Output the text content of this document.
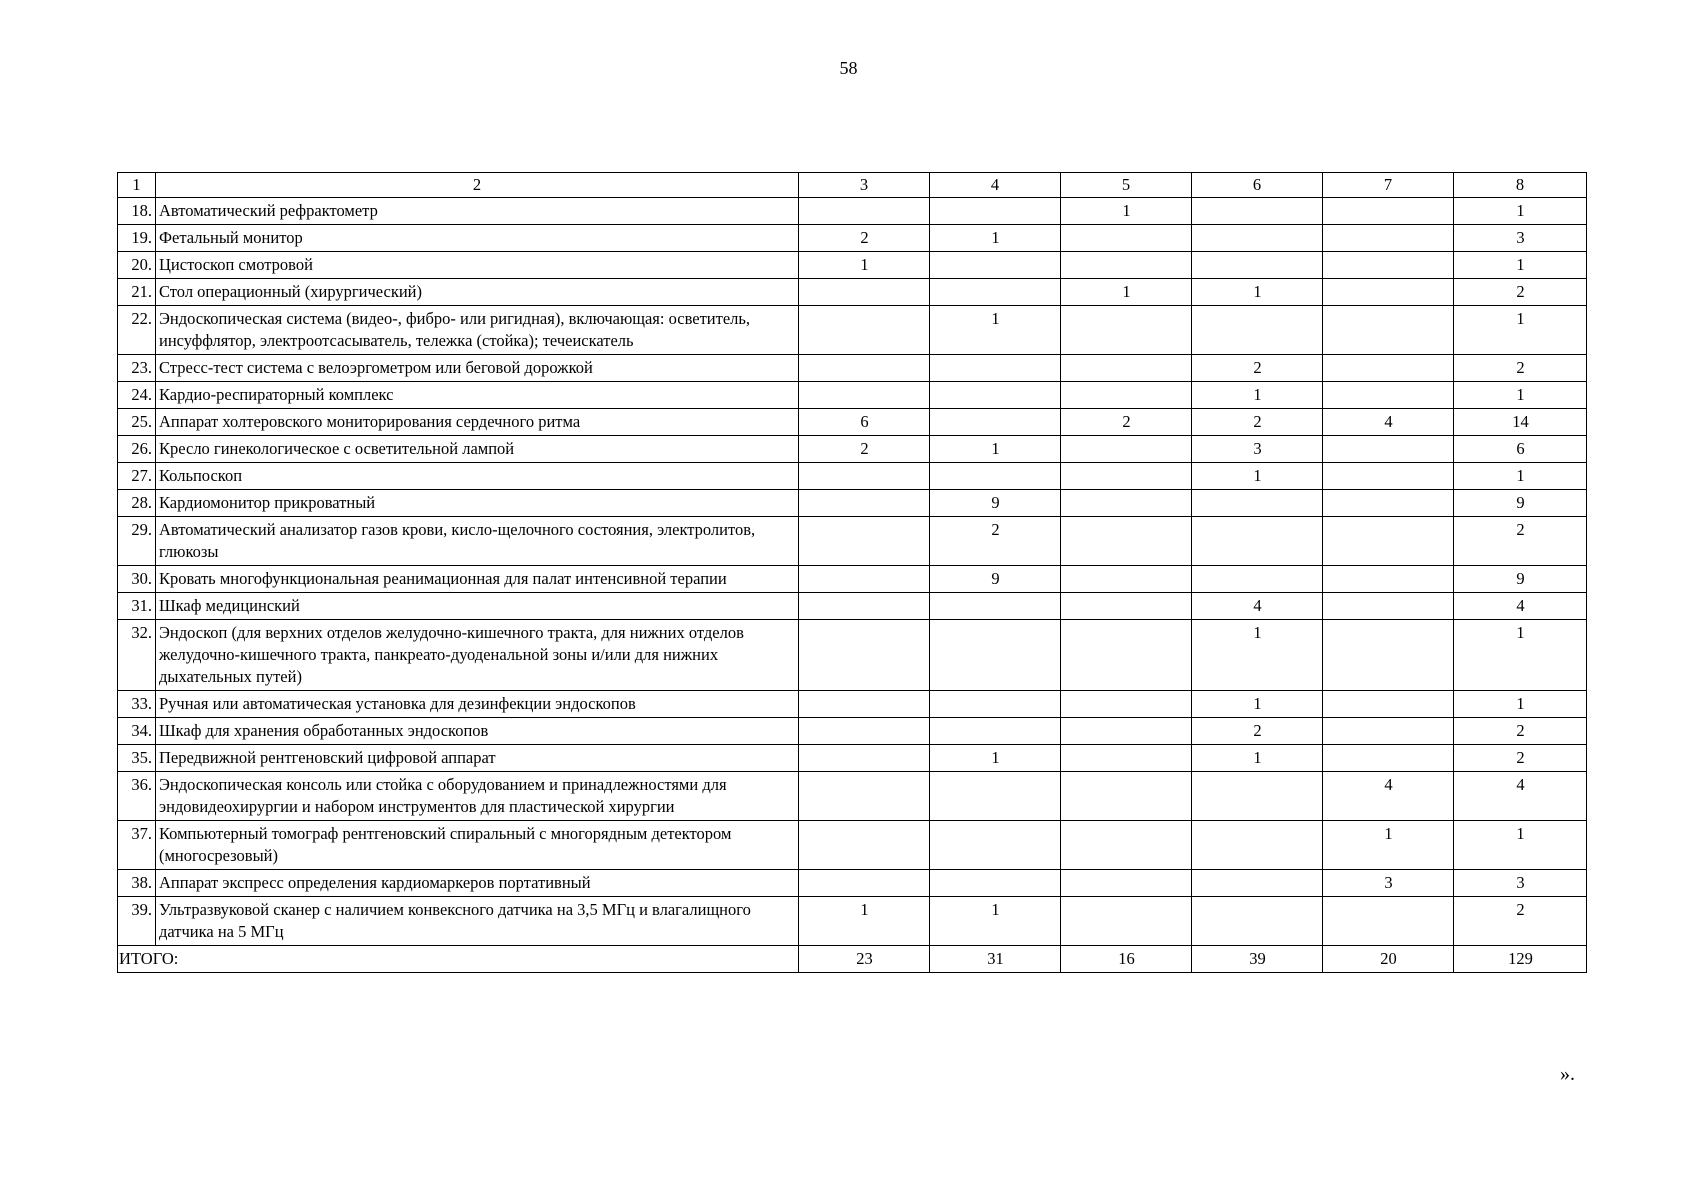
58
1	2	3	4	5	6	7	8
18.	Автоматический рефрактометр			1			1
19.	Фетальный монитор	2	1				3
20.	Цистоскоп смотровой	1					1
21.	Стол операционный (хирургический)			1	1		2
22.	Эндоскопическая система (видео-, фибро- или ригидная), включающая: осветитель, инсуффлятор, электроотсасыватель, тележка (стойка); течеискатель		1				1
23.	Стресс-тест система с велоэргометром или беговой дорожкой				2		2
24.	Кардио-респираторный комплекс				1		1
25.	Аппарат холтеровского мониторирования сердечного ритма	6		2	2	4	14
26.	Кресло гинекологическое с осветительной лампой	2	1		3		6
27.	Кольпоскоп				1		1
28.	Кардиомонитор прикроватный		9				9
29.	Автоматический анализатор газов крови, кисло-щелочного состояния, электролитов, глюкозы		2				2
30.	Кровать многофункциональная реанимационная для палат интенсивной терапии		9				9
31.	Шкаф медицинский				4		4
32.	Эндоскоп (для верхних отделов желудочно-кишечного тракта, для нижних отделов желудочно-кишечного тракта, панкреато-дуоденальной зоны и/или для нижних дыхательных путей)				1		1
33.	Ручная или автоматическая установка для дезинфекции эндоскопов				1		1
34.	Шкаф для хранения обработанных эндоскопов				2		2
35.	Передвижной рентгеновский цифровой аппарат		1		1		2
36.	Эндоскопическая консоль или стойка с оборудованием и принадлежностями для эндовидеохирургии и набором инструментов для пластической хирургии					4	4
37.	Компьютерный томограф рентгеновский спиральный с многорядным детектором (многосрезовый)					1	1
38.	Аппарат экспресс определения кардиомаркеров портативный					3	3
39.	Ультразвуковой сканер с наличием конвексного датчика на 3,5 МГц и влагалищного датчика на 5 МГц	1	1				2
ИТОГО:		23	31	16	39	20	129
».
